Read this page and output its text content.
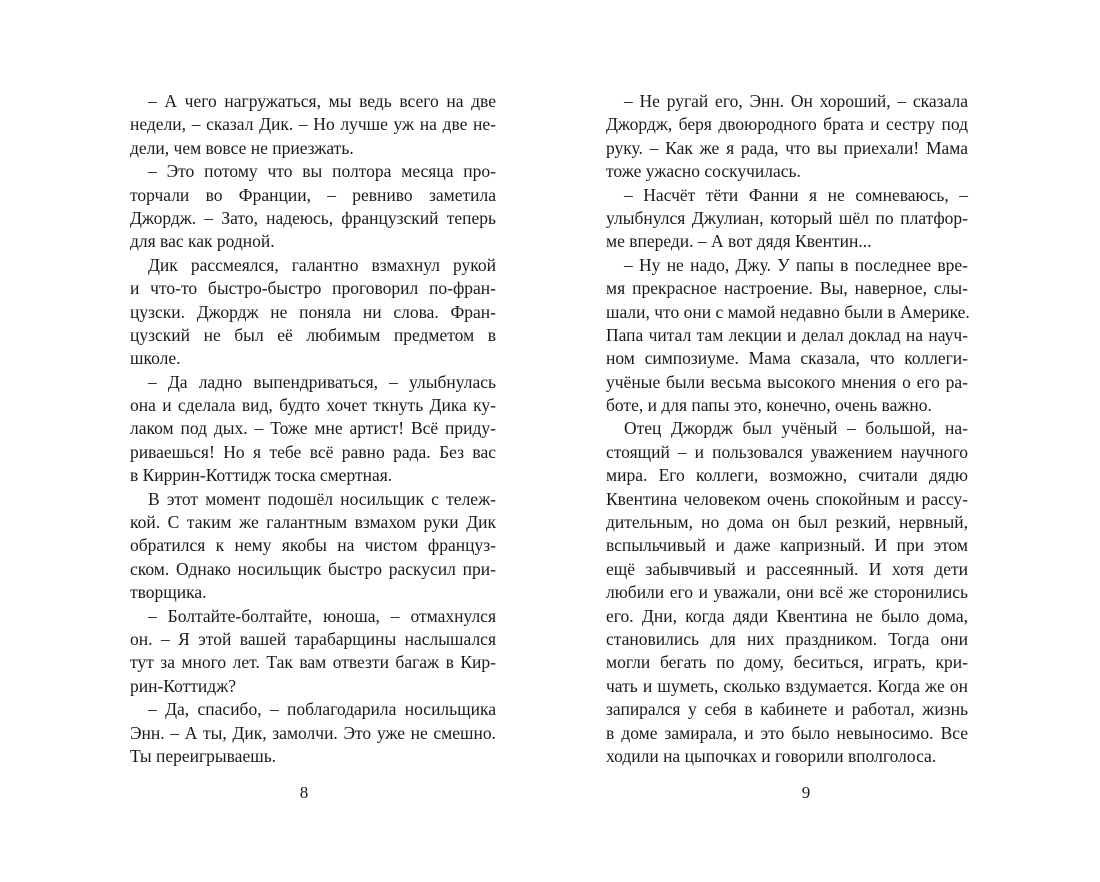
– А чего нагружаться, мы ведь всего на две
недели, – сказал Дик. – Но лучше уж на две не-
дели, чем вовсе не приезжать.
– Это потому что вы полтора месяца про-
торчали во Франции, – ревниво заметила
Джордж. – Зато, надеюсь, французский теперь
для вас как родной.
Дик рассмеялся, галантно взмахнул рукой
и что-то быстро-быстро проговорил по-фран-
цузски. Джордж не поняла ни слова. Фран-
цузский не был её любимым предметом в
школе.
– Да ладно выпендриваться, – улыбнулась
она и сделала вид, будто хочет ткнуть Дика ку-
лаком под дых. – Тоже мне артист! Всё приду-
риваешься! Но я тебе всё равно рада. Без вас
в Киррин-Коттидж тоска смертная.
В этот момент подошёл носильщик с тележ-
кой. С таким же галантным взмахом руки Дик
обратился к нему якобы на чистом француз-
ском. Однако носильщик быстро раскусил при-
творщика.
– Болтайте-болтайте, юноша, – отмахнулся
он. – Я этой вашей тарабарщины наслышался
тут за много лет. Так вам отвезти багаж в Кир-
рин-Коттидж?
– Да, спасибо, – поблагодарила носильщика
Энн. – А ты, Дик, замолчи. Это уже не смешно.
Ты переигрываешь.
– Не ругай его, Энн. Он хороший, – сказала
Джордж, беря двоюродного брата и сестру под
руку. – Как же я рада, что вы приехали! Мама
тоже ужасно соскучилась.
– Насчёт тёти Фанни я не сомневаюсь, –
улыбнулся Джулиан, который шёл по платфор-
ме впереди. – А вот дядя Квентин...
– Ну не надо, Джу. У папы в последнее вре-
мя прекрасное настроение. Вы, наверное, слы-
шали, что они с мамой недавно были в Америке.
Папа читал там лекции и делал доклад на науч-
ном симпозиуме. Мама сказала, что коллеги-
учёные были весьма высокого мнения о его ра-
боте, и для папы это, конечно, очень важно.
Отец Джордж был учёный – большой, на-
стоящий – и пользовался уважением научного
мира. Его коллеги, возможно, считали дядю
Квентина человеком очень спокойным и рассу-
дительным, но дома он был резкий, нервный,
вспыльчивый и даже капризный. И при этом
ещё забывчивый и рассеянный. И хотя дети
любили его и уважали, они всё же сторонились
его. Дни, когда дяди Квентина не было дома,
становились для них праздником. Тогда они
могли бегать по дому, беситься, играть, кри-
чать и шуметь, сколько вздумается. Когда же он
запирался у себя в кабинете и работал, жизнь
в доме замирала, и это было невыносимо. Все
ходили на цыпочках и говорили вполголоса.
8	9
